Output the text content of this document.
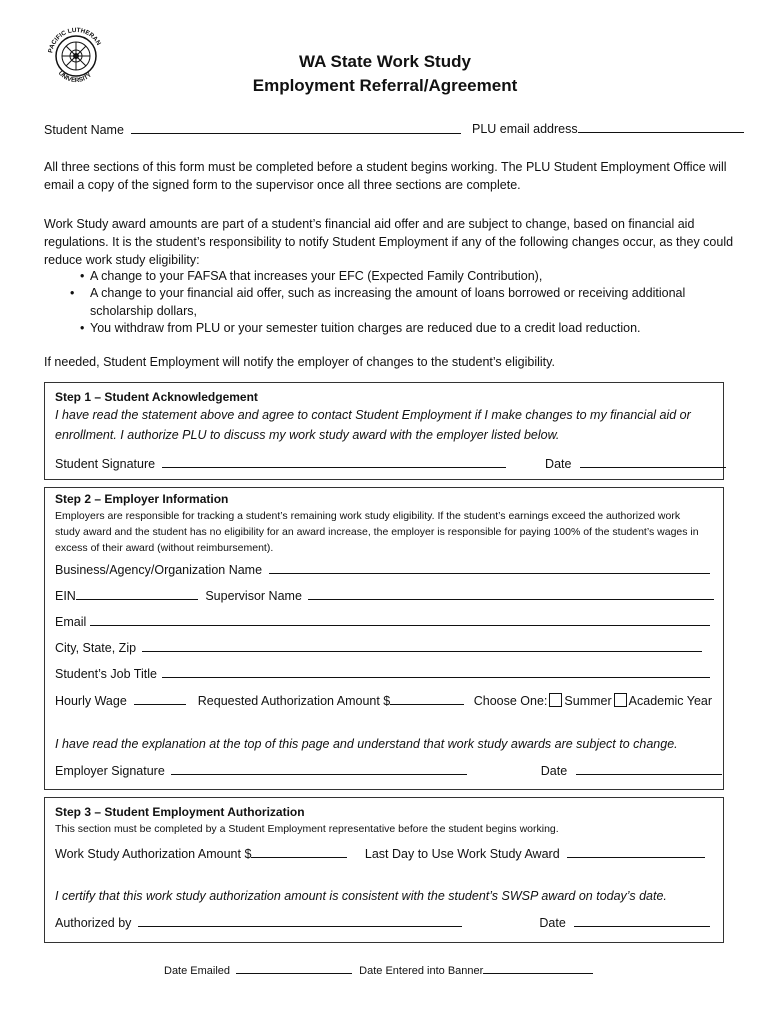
PACIFIC LUTHERAN
UNIVERSITY
WA State Work Study
Employment Referral/Agreement
Student Name	PLU email address
All three sections of this form must be completed before a student begins working. The PLU Student Employment Office will email a copy of the signed form to the supervisor once all three sections are complete.
Work Study award amounts are part of a student’s financial aid offer and are subject to change, based on financial aid regulations. It is the student’s responsibility to notify Student Employment if any of the following changes occur, as they could reduce work study eligibility:
• A change to your FAFSA that increases your EFC (Expected Family Contribution),
• A change to your financial aid offer, such as increasing the amount of loans borrowed or receiving additional scholarship dollars,
• You withdraw from PLU or your semester tuition charges are reduced due to a credit load reduction.
If needed, Student Employment will notify the employer of changes to the student’s eligibility.
Step 1 – Student Acknowledgement
I have read the statement above and agree to contact Student Employment if I make changes to my financial aid or enrollment. I authorize PLU to discuss my work study award with the employer listed below.
Student Signature	Date
Step 2 – Employer Information
Employers are responsible for tracking a student’s remaining work study eligibility. If the student’s earnings exceed the authorized work study award and the student has no eligibility for an award increase, the employer is responsible for paying 100% of the student’s wages in excess of their award (without reimbursement).
Business/Agency/Organization Name
EIN	Supervisor Name
Email
City, State, Zip
Student’s Job Title
Hourly Wage	Requested Authorization Amount $	Choose One: Summer Academic Year
I have read the explanation at the top of this page and understand that work study awards are subject to change.
Employer Signature	Date
Step 3 – Student Employment Authorization
This section must be completed by a Student Employment representative before the student begins working.
Work Study Authorization Amount $	Last Day to Use Work Study Award
I certify that this work study authorization amount is consistent with the student’s SWSP award on today’s date.
Authorized by	Date
Date Emailed	Date Entered into Banner
